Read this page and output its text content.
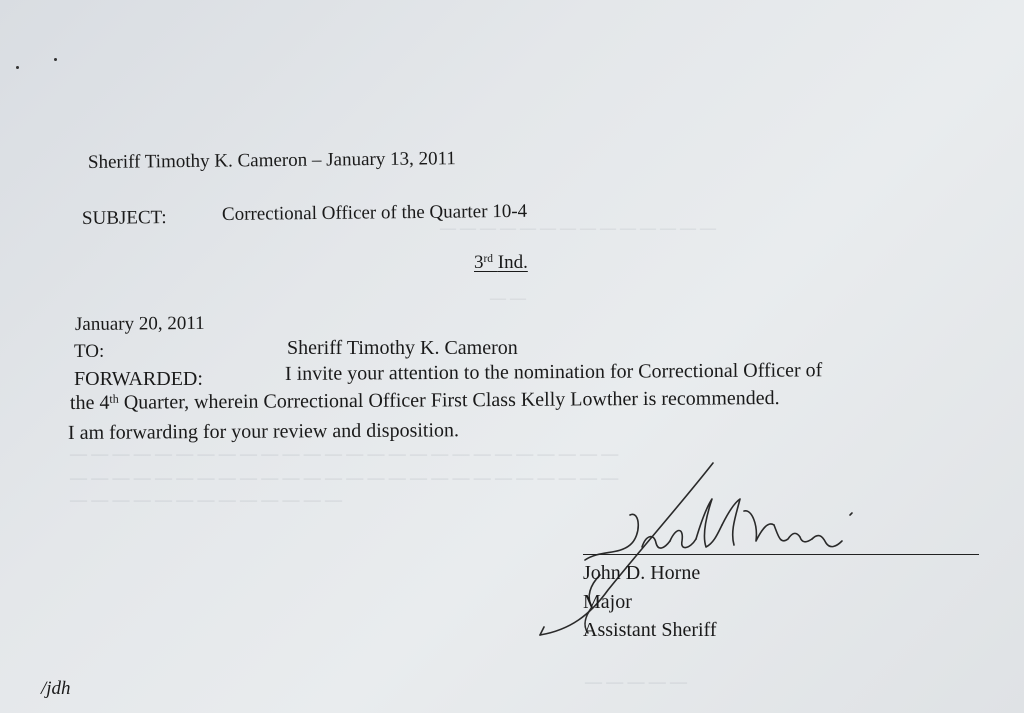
— — — — — — — — — — — — — —
— —
— — — — — — — — — — — — — — — — — — — — — — — — — —
— — — — — — — — — — — — — — — — — — — — — — — — — —
— — — — — — — — — — — — —
— — — — —
Sheriff Timothy K. Cameron – January 13, 2011
SUBJECT:	Correctional Officer of the Quarter 10-4
3rd Ind.
January 20, 2011
TO:	Sheriff Timothy K. Cameron
FORWARDED:	I invite your attention to the nomination for Correctional Officer of
the 4th Quarter, wherein Correctional Officer First Class Kelly Lowther is recommended.
I am forwarding for your review and disposition.
John D. Horne
Major
Assistant Sheriff
/jdh
